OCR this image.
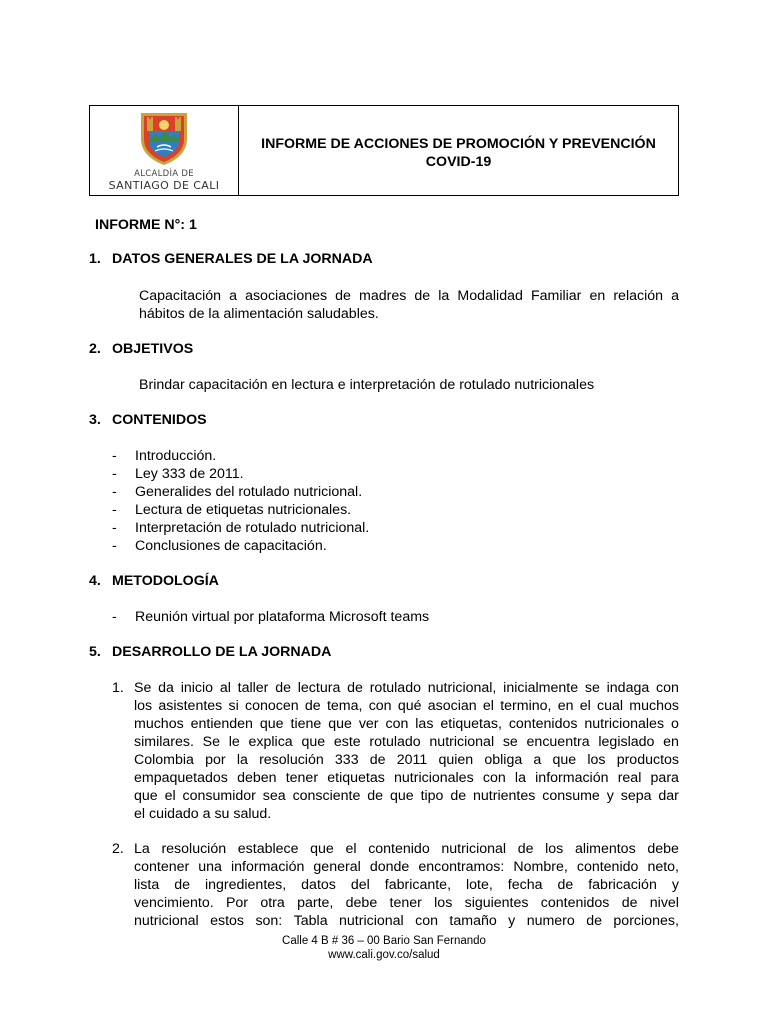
ALCALDÍA DE
SANTIAGO DE CALI
INFORME DE ACCIONES DE PROMOCIÓN Y PREVENCIÓN
COVID-19
INFORME N°: 1
1. DATOS GENERALES DE LA JORNADA
Capacitación a asociaciones de madres de la Modalidad Familiar en relación a
hábitos de la alimentación saludables.
2. OBJETIVOS
Brindar capacitación en lectura e interpretación de rotulado nutricionales
3. CONTENIDOS
-	Introducción.
-	Ley 333 de 2011.
-	Generalides del rotulado nutricional.
-	Lectura de etiquetas nutricionales.
-	Interpretación de rotulado nutricional.
-	Conclusiones de capacitación.
4. METODOLOGÍA
-	Reunión virtual por plataforma Microsoft teams
5. DESARROLLO DE LA JORNADA
1. Se da inicio al taller de lectura de rotulado nutricional, inicialmente se indaga con
los asistentes si conocen de tema, con qué asocian el termino, en el cual muchos
muchos entienden que tiene que ver con las etiquetas, contenidos nutricionales o
similares. Se le explica que este rotulado nutricional se encuentra legislado en
Colombia por la resolución 333 de 2011 quien obliga a que los productos
empaquetados deben tener etiquetas nutricionales con la información real para
que el consumidor sea consciente de que tipo de nutrientes consume y sepa dar
el cuidado a su salud.
2. La resolución establece que el contenido nutricional de los alimentos debe
contener una información general donde encontramos: Nombre, contenido neto,
lista de ingredientes, datos del fabricante, lote, fecha de fabricación y
vencimiento. Por otra parte, debe tener los siguientes contenidos de nivel
nutricional estos son: Tabla nutricional con tamaño y numero de porciones,
Calle 4 B # 36 – 00 Bario San Fernando
www.cali.gov.co/salud
